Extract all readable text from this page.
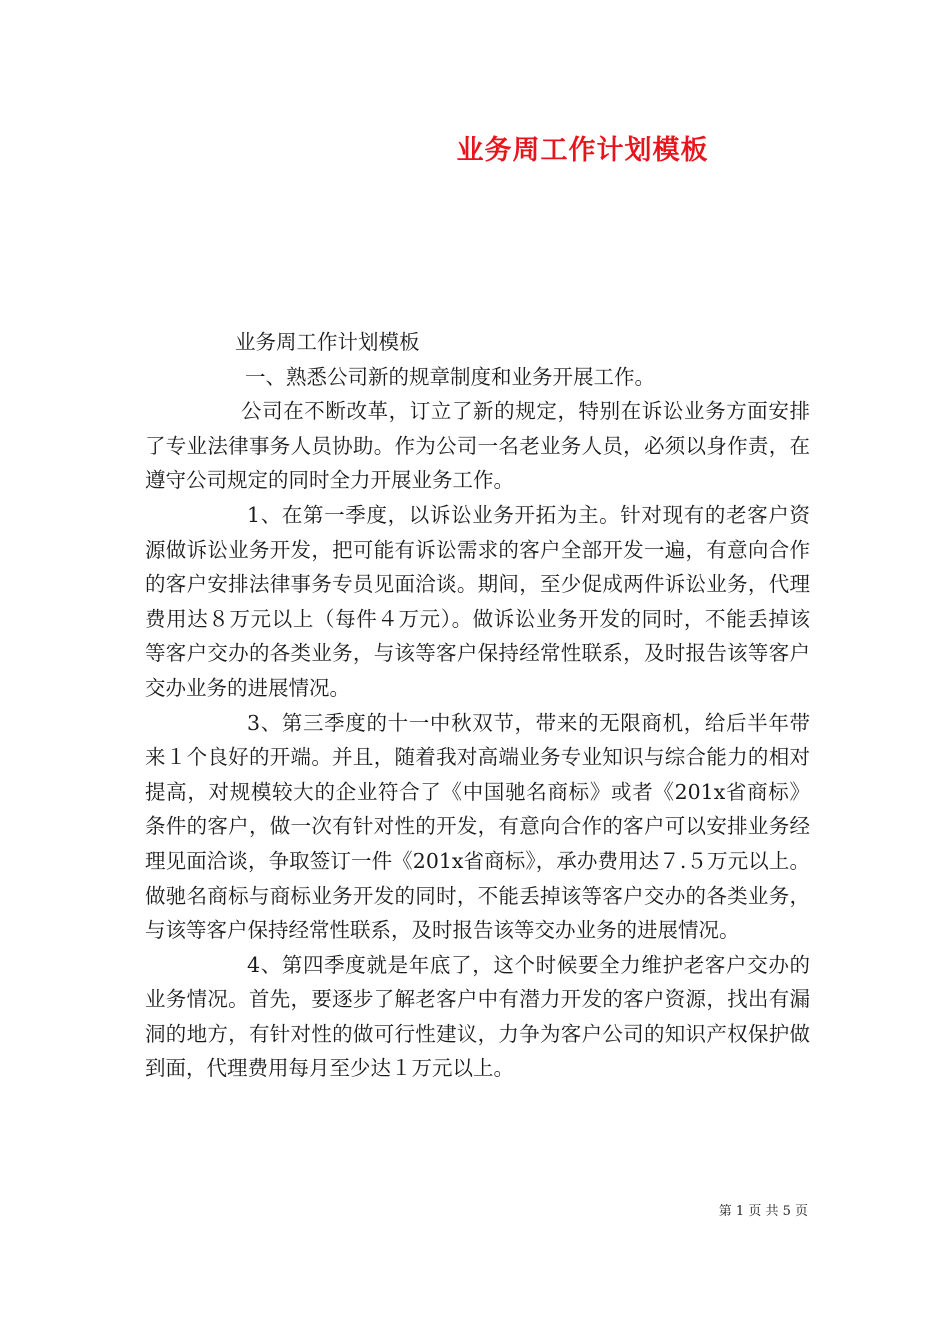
业务周工作计划模板

业务周工作计划模板

一、熟悉公司新的规章制度和业务开展工作。

公司在不断改革，订立了新的规定，特别在诉讼业务方面安排了专业法律事务人员协助。作为公司一名老业务人员，必须以身作责，在遵守公司规定的同时全力开展业务工作。

1、在第一季度，以诉讼业务开拓为主。针对现有的老客户资源做诉讼业务开发，把可能有诉讼需求的客户全部开发一遍，有意向合作的客户安排法律事务专员见面洽谈。期间，至少促成两件诉讼业务，代理费用达８万元以上（每件４万元）。做诉讼业务开发的同时，不能丢掉该等客户交办的各类业务，与该等客户保持经常性联系，及时报告该等客户交办业务的进展情况。

3、第三季度的十一中秋双节，带来的无限商机，给后半年带来１个良好的开端。并且，随着我对高端业务专业知识与综合能力的相对提高，对规模较大的企业符合了《中国驰名商标》或者《201x省商标》条件的客户，做一次有针对性的开发，有意向合作的客户可以安排业务经理见面洽谈，争取签订一件《201x省商标》，承办费用达７.５万元以上。做驰名商标与商标业务开发的同时，不能丢掉该等客户交办的各类业务，与该等客户保持经常性联系，及时报告该等交办业务的进展情况。

4、第四季度就是年底了，这个时候要全力维护老客户交办的业务情况。首先，要逐步了解老客户中有潜力开发的客户资源，找出有漏洞的地方，有针对性的做可行性建议，力争为客户公司的知识产权保护做到面，代理费用每月至少达１万元以上。

第 1 页 共 5 页
